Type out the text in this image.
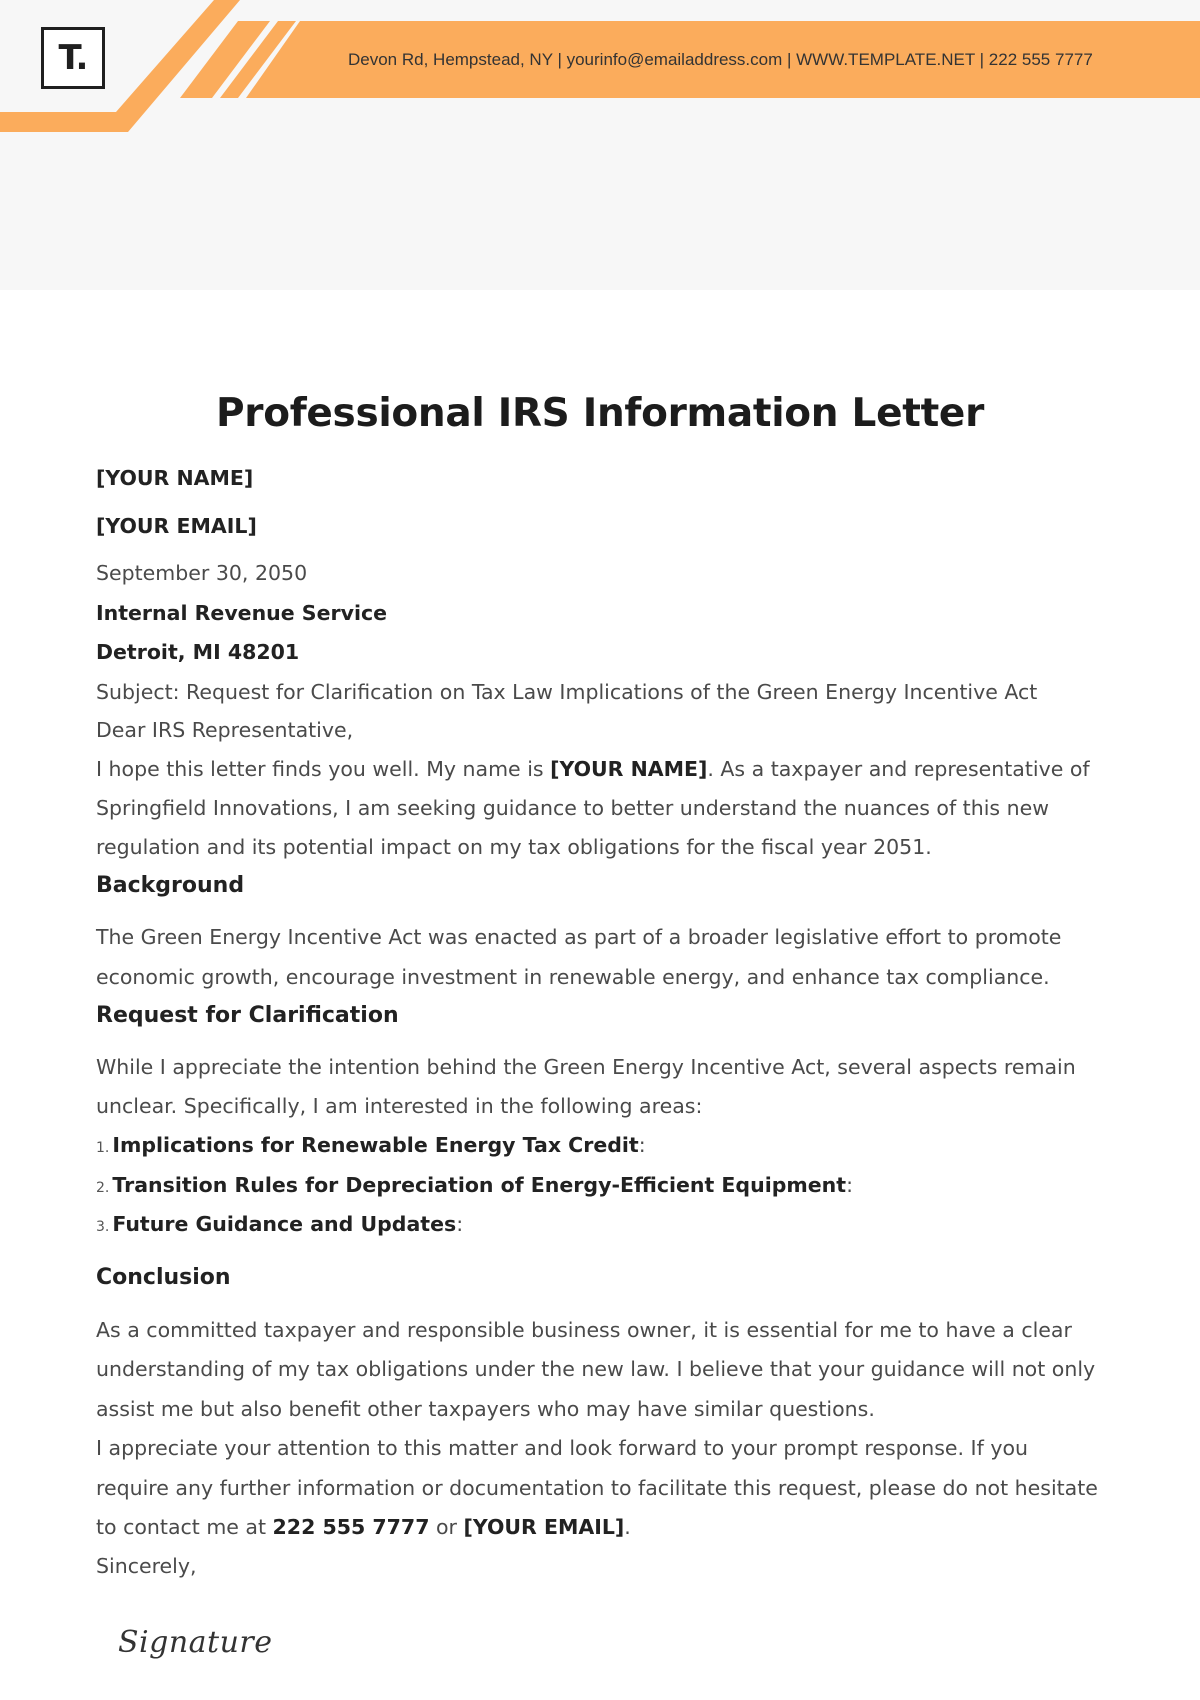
T.	Devon Rd, Hempstead, NY | yourinfo@emailaddress.com | WWW.TEMPLATE.NET | 222 555 7777
Professional IRS Information Letter
[YOUR NAME]
[YOUR EMAIL]
September 30, 2050
Internal Revenue Service
Detroit, MI 48201
Subject: Request for Clarification on Tax Law Implications of the Green Energy Incentive Act
Dear IRS Representative,
I hope this letter finds you well. My name is [YOUR NAME]. As a taxpayer and representative of
Springfield Innovations, I am seeking guidance to better understand the nuances of this new
regulation and its potential impact on my tax obligations for the fiscal year 2051.
Background
The Green Energy Incentive Act was enacted as part of a broader legislative effort to promote
economic growth, encourage investment in renewable energy, and enhance tax compliance.
Request for Clarification
While I appreciate the intention behind the Green Energy Incentive Act, several aspects remain
unclear. Specifically, I am interested in the following areas:
1. Implications for Renewable Energy Tax Credit:
2. Transition Rules for Depreciation of Energy-Efficient Equipment:
3. Future Guidance and Updates:
Conclusion
As a committed taxpayer and responsible business owner, it is essential for me to have a clear
understanding of my tax obligations under the new law. I believe that your guidance will not only
assist me but also benefit other taxpayers who may have similar questions.
I appreciate your attention to this matter and look forward to your prompt response. If you
require any further information or documentation to facilitate this request, please do not hesitate
to contact me at 222 555 7777 or [YOUR EMAIL].
Sincerely,
Signature
